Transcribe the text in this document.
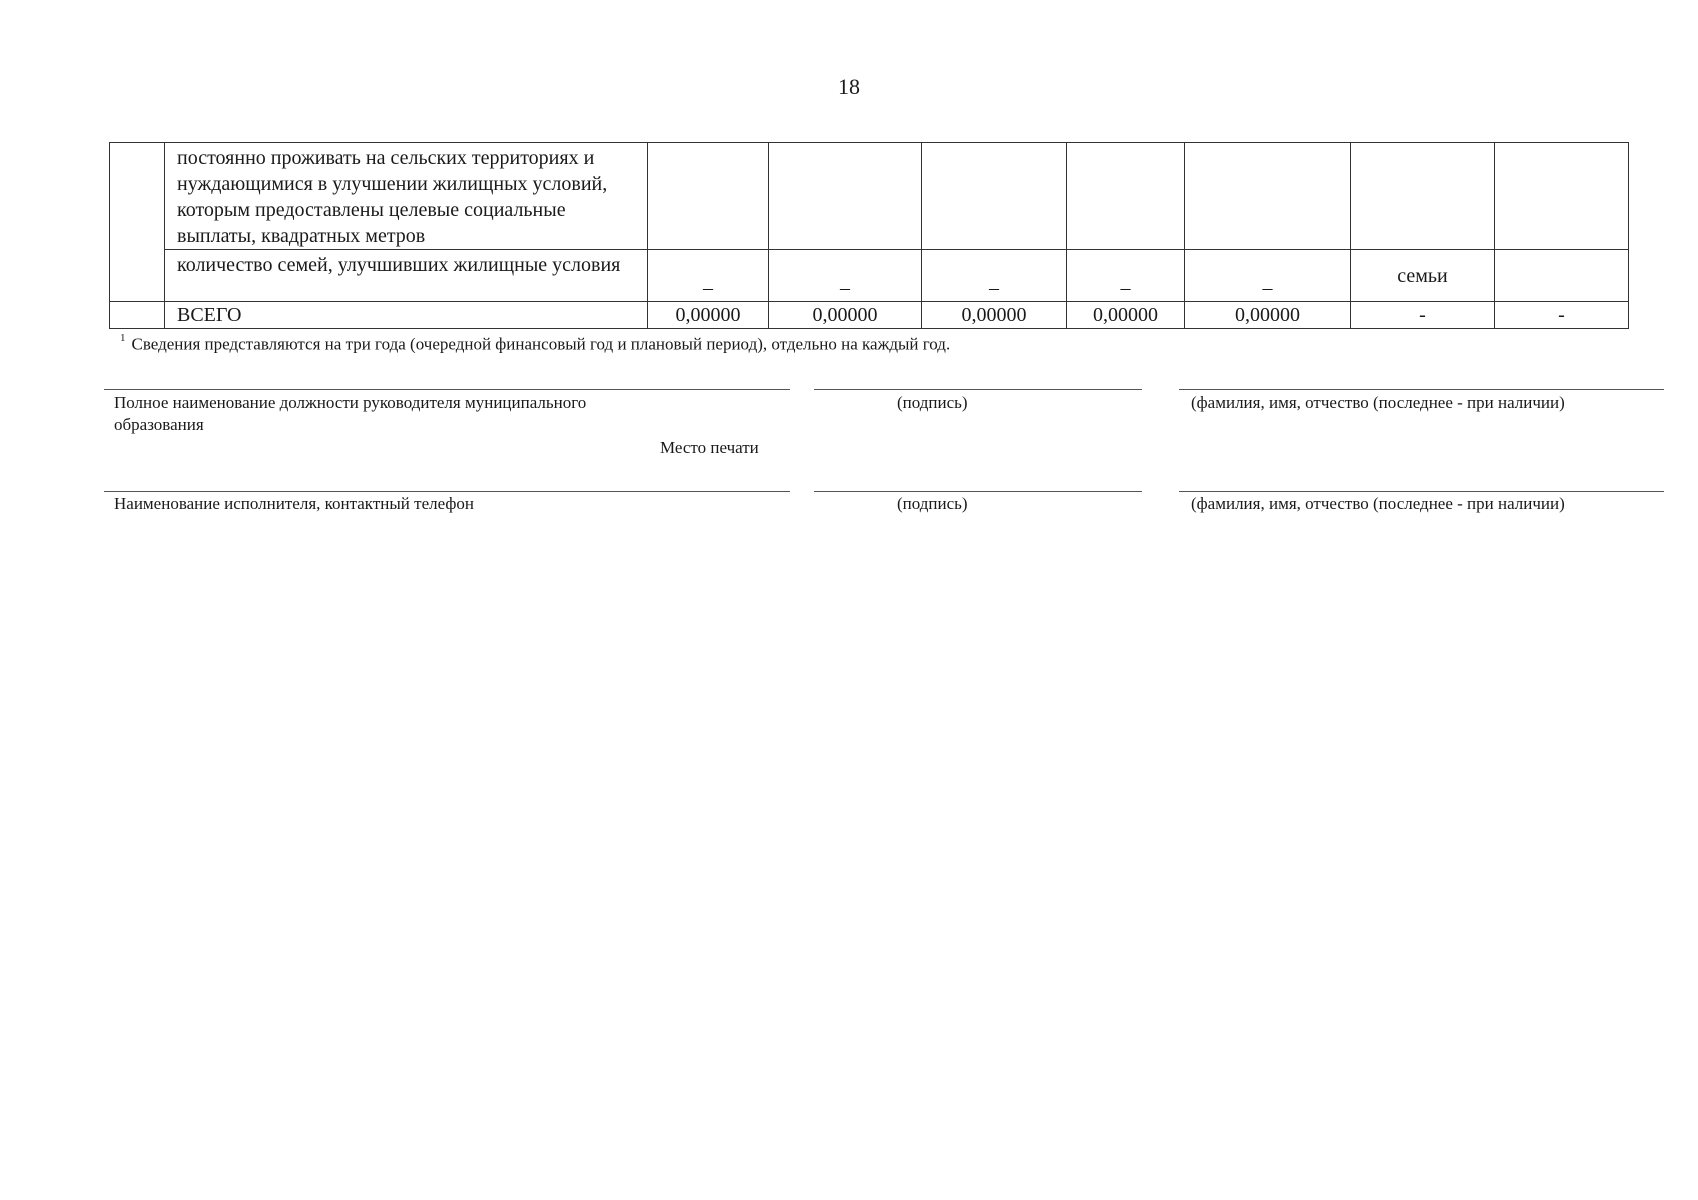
18
	постоянно проживать на сельских территориях и нуждающимися в улучшении жилищных условий, которым предоставлены целевые социальные выплаты, квадратных метров							
	количество семей, улучшивших жилищные условия	–	–	–	–	–	семьи	
	ВСЕГО	0,00000	0,00000	0,00000	0,00000	0,00000	-	-
$^1$ Сведения представляются на три года (очередной финансовый год и плановый период), отдельно на каждый год.
Полное наименование должности руководителя муниципального
образования
(подпись)	(фамилия, имя, отчество (последнее - при наличии)
Место печати
Наименование исполнителя, контактный телефон	(подпись)	(фамилия, имя, отчество (последнее - при наличии)
